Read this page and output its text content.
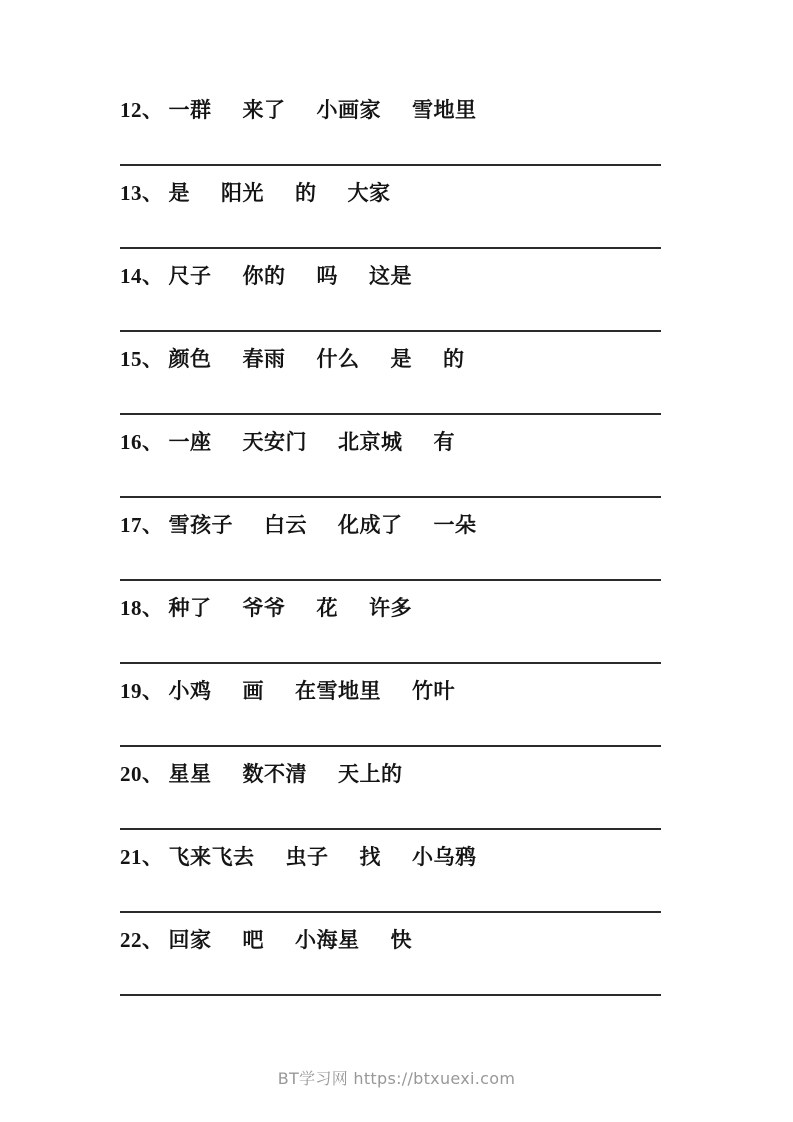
12、 一群 来了 小画家 雪地里
13、 是 阳光 的 大家
14、 尺子 你的 吗 这是
15、 颜色 春雨 什么 是 的
16、 一座 天安门 北京城 有
17、 雪孩子 白云 化成了 一朵
18、 种了 爷爷 花 许多
19、 小鸡 画 在雪地里 竹叶
20、 星星 数不清 天上的
21、 飞来飞去 虫子 找 小乌鸦
22、 回家 吧 小海星 快
BT学习网 https://btxuexi.com
